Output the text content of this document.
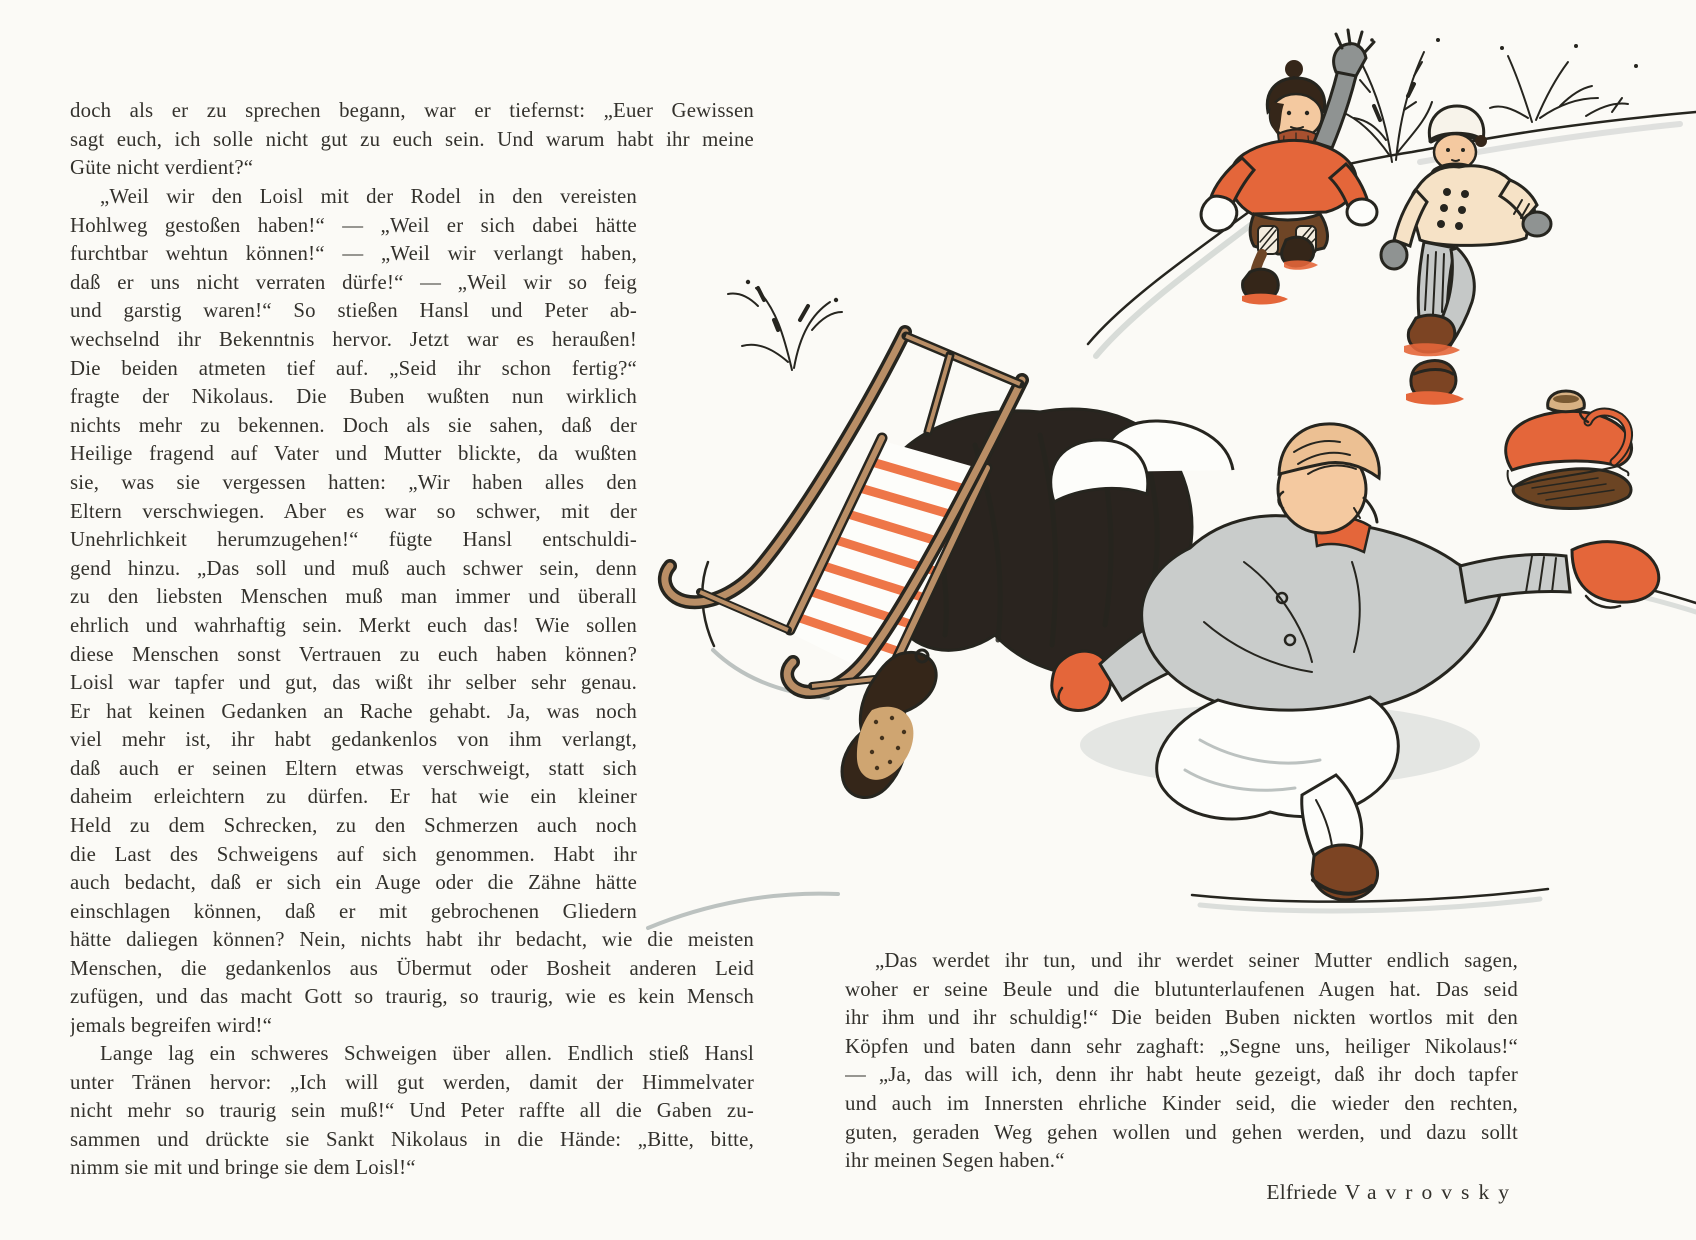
doch als er zu sprechen begann, war er tiefernst: „Euer Gewissen
sagt euch, ich solle nicht gut zu euch sein. Und warum habt ihr meine
Güte nicht verdient?“
„Weil wir den Loisl mit der Rodel in den vereisten
Hohlweg gestoßen haben!“ — „Weil er sich dabei hätte
furchtbar wehtun können!“ — „Weil wir verlangt haben,
daß er uns nicht verraten dürfe!“ — „Weil wir so feig
und garstig waren!“ So stießen Hansl und Peter ab-
wechselnd ihr Bekenntnis hervor. Jetzt war es heraußen!
Die beiden atmeten tief auf. „Seid ihr schon fertig?“
fragte der Nikolaus. Die Buben wußten nun wirklich
nichts mehr zu bekennen. Doch als sie sahen, daß der
Heilige fragend auf Vater und Mutter blickte, da wußten
sie, was sie vergessen hatten: „Wir haben alles den
Eltern verschwiegen. Aber es war so schwer, mit der
Unehrlichkeit herumzugehen!“ fügte Hansl entschuldi-
gend hinzu. „Das soll und muß auch schwer sein, denn
zu den liebsten Menschen muß man immer und überall
ehrlich und wahrhaftig sein. Merkt euch das! Wie sollen
diese Menschen sonst Vertrauen zu euch haben können?
Loisl war tapfer und gut, das wißt ihr selber sehr genau.
Er hat keinen Gedanken an Rache gehabt. Ja, was noch
viel mehr ist, ihr habt gedankenlos von ihm verlangt,
daß auch er seinen Eltern etwas verschweigt, statt sich
daheim erleichtern zu dürfen. Er hat wie ein kleiner
Held zu dem Schrecken, zu den Schmerzen auch noch
die Last des Schweigens auf sich genommen. Habt ihr
auch bedacht, daß er sich ein Auge oder die Zähne hätte
einschlagen können, daß er mit gebrochenen Gliedern
hätte daliegen können? Nein, nichts habt ihr bedacht, wie die meisten
Menschen, die gedankenlos aus Übermut oder Bosheit anderen Leid
zufügen, und das macht Gott so traurig, so traurig, wie es kein Mensch
jemals begreifen wird!“
Lange lag ein schweres Schweigen über allen. Endlich stieß Hansl
unter Tränen hervor: „Ich will gut werden, damit der Himmelvater
nicht mehr so traurig sein muß!“ Und Peter raffte all die Gaben zu-
sammen und drückte sie Sankt Nikolaus in die Hände: „Bitte, bitte,
nimm sie mit und bringe sie dem Loisl!“
„Das werdet ihr tun, und ihr werdet seiner Mutter endlich sagen,
woher er seine Beule und die blutunterlaufenen Augen hat. Das seid
ihr ihm und ihr schuldig!“ Die beiden Buben nickten wortlos mit den
Köpfen und baten dann sehr zaghaft: „Segne uns, heiliger Nikolaus!“
— „Ja, das will ich, denn ihr habt heute gezeigt, daß ihr doch tapfer
und auch im Innersten ehrliche Kinder seid, die wieder den rechten,
guten, geraden Weg gehen wollen und gehen werden, und dazu sollt
ihr meinen Segen haben.“
Elfriede Vavrovsky
